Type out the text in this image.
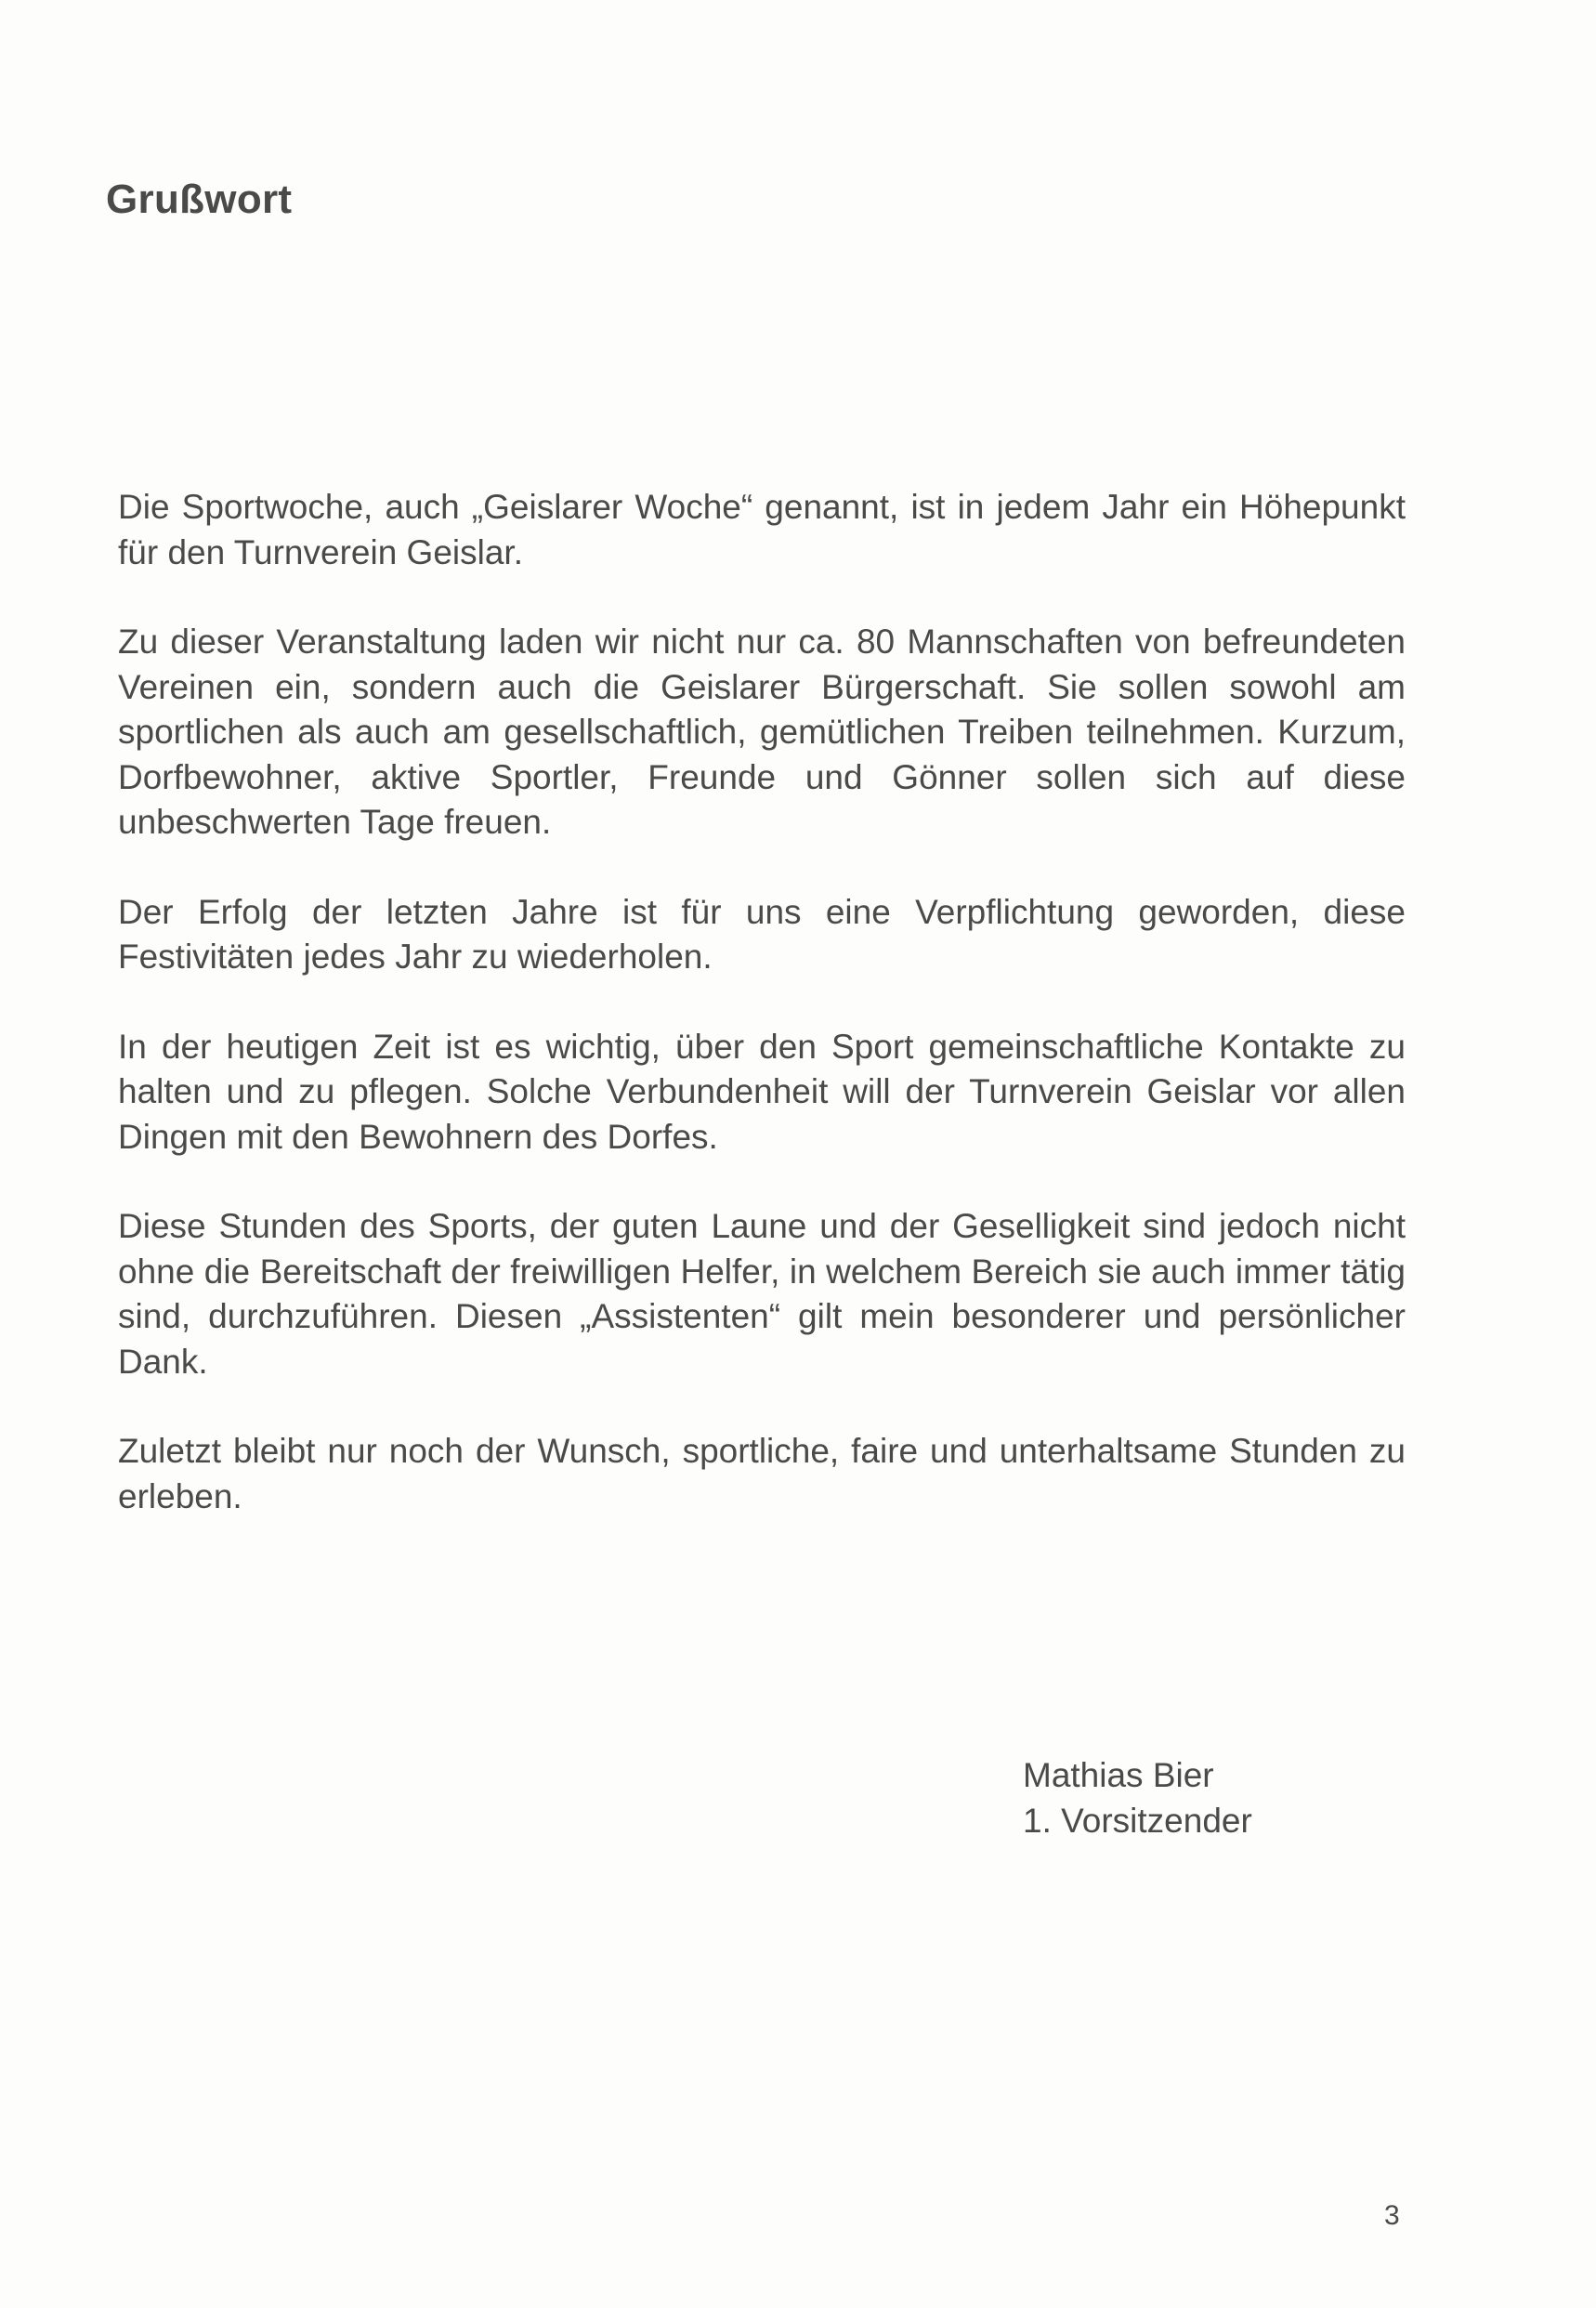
Grußwort

Die Sportwoche, auch „Geislarer Woche“ genannt, ist in jedem Jahr ein Höhepunkt für den Turnverein Geislar.

Zu dieser Veranstaltung laden wir nicht nur ca. 80 Mannschaften von befreundeten Vereinen ein, sondern auch die Geislarer Bürgerschaft. Sie sollen sowohl am sportlichen als auch am gesellschaftlich, gemütlichen Treiben teilnehmen. Kurzum, Dorfbewohner, aktive Sportler, Freunde und Gönner sollen sich auf diese unbeschwerten Tage freuen.

Der Erfolg der letzten Jahre ist für uns eine Verpflichtung geworden, diese Festivitäten jedes Jahr zu wiederholen.

In der heutigen Zeit ist es wichtig, über den Sport gemeinschaftliche Kontakte zu halten und zu pflegen. Solche Verbundenheit will der Turnverein Geislar vor allen Dingen mit den Bewohnern des Dorfes.

Diese Stunden des Sports, der guten Laune und der Geselligkeit sind jedoch nicht ohne die Bereitschaft der freiwilligen Helfer, in welchem Bereich sie auch immer tätig sind, durchzuführen. Diesen „Assistenten“ gilt mein besonderer und persönlicher Dank.

Zuletzt bleibt nur noch der Wunsch, sportliche, faire und unterhaltsame Stunden zu erleben.

Mathias Bier
1. Vorsitzender
3
